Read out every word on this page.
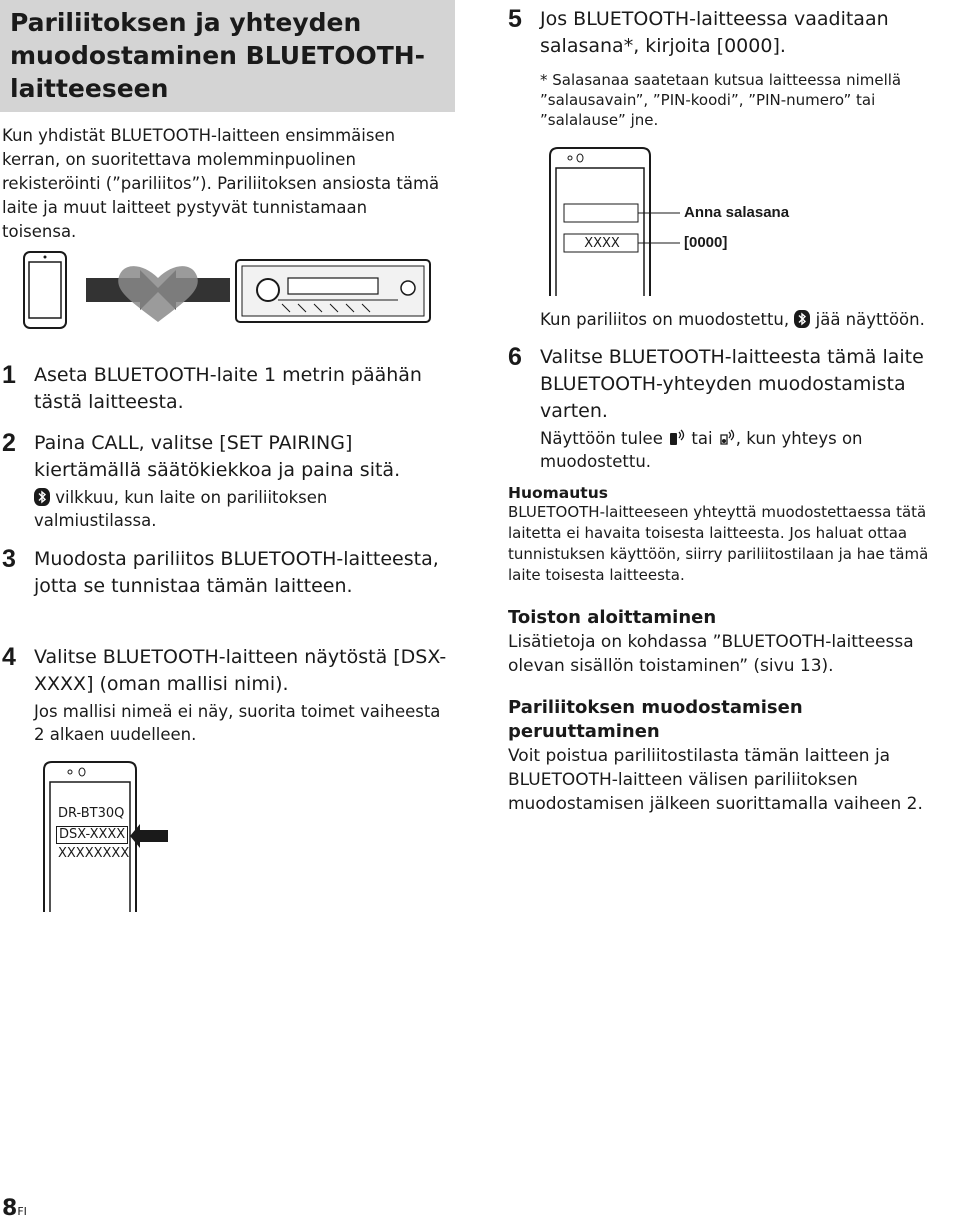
Pariliitoksen ja yhteyden muodostaminen BLUETOOTH-laitteeseen
Kun yhdistät BLUETOOTH-laitteen ensimmäisen kerran, on suoritettava molemminpuolinen rekisteröinti (”pariliitos”). Pariliitoksen ansiosta tämä laite ja muut laitteet pystyvät tunnistamaan toisensa.
1 Aseta BLUETOOTH-laite 1 metrin päähän tästä laitteesta.
2 Paina CALL, valitse [SET PAIRING] kiertämällä säätökiekkoa ja paina sitä.
vilkkuu, kun laite on pariliitoksen valmiustilassa.
3 Muodosta pariliitos BLUETOOTH-laitteesta, jotta se tunnistaa tämän laitteen.
4 Valitse BLUETOOTH-laitteen näytöstä [DSX-XXXX] (oman mallisi nimi).
Jos mallisi nimeä ei näy, suorita toimet vaiheesta 2 alkaen uudelleen.
DR-BT30Q
DSX-XXXX
XXXXXXXX
5 Jos BLUETOOTH-laitteessa vaaditaan salasana*, kirjoita [0000].
* Salasanaa saatetaan kutsua laitteessa nimellä ”salausavain”, ”PIN-koodi”, ”PIN-numero” tai ”salalause” jne.
XXXX
Anna salasana
[0000]
Kun pariliitos on muodostettu, jää näyttöön.
6 Valitse BLUETOOTH-laitteesta tämä laite BLUETOOTH-yhteyden muodostamista varten.
Näyttöön tulee tai , kun yhteys on muodostettu.
Huomautus
BLUETOOTH-laitteeseen yhteyttä muodostettaessa tätä laitetta ei havaita toisesta laitteesta. Jos haluat ottaa tunnistuksen käyttöön, siirry pariliitostilaan ja hae tämä laite toisesta laitteesta.
Toiston aloittaminen
Lisätietoja on kohdassa ”BLUETOOTH-laitteessa olevan sisällön toistaminen” (sivu 13).
Pariliitoksen muodostamisen peruuttaminen
Voit poistua pariliitostilasta tämän laitteen ja BLUETOOTH-laitteen välisen pariliitoksen muodostamisen jälkeen suorittamalla vaiheen 2.
8FI
